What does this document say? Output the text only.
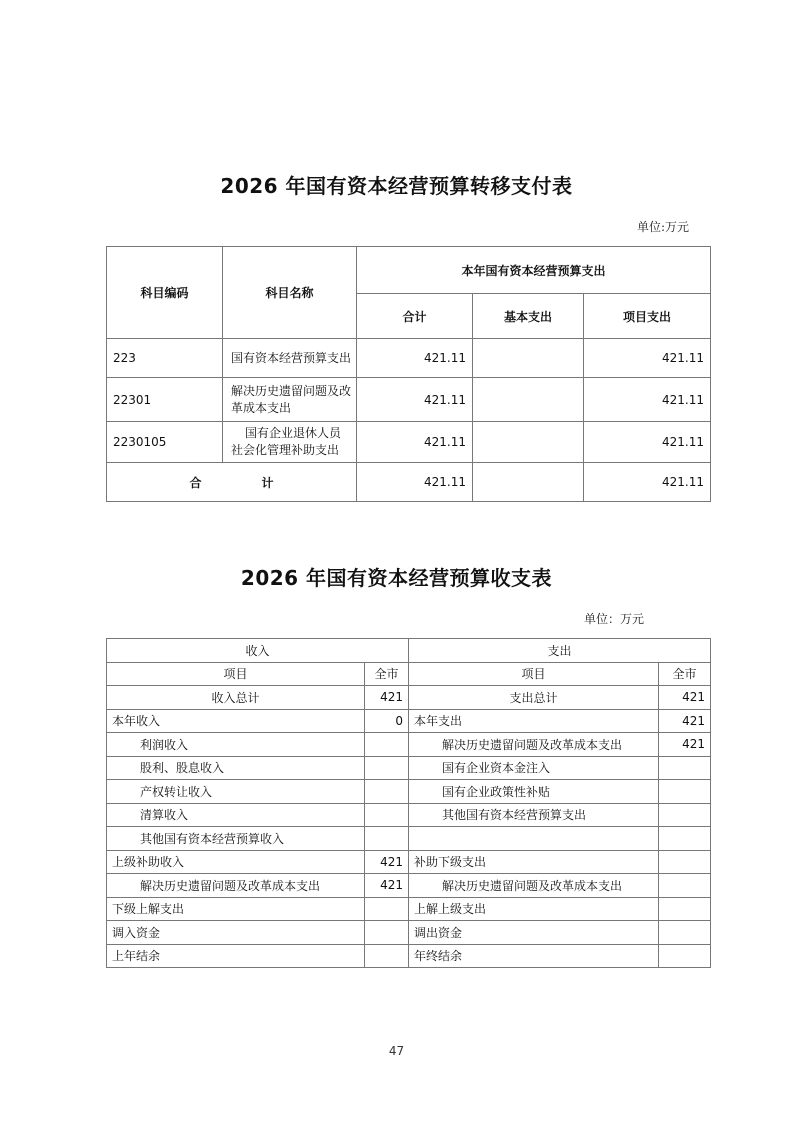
2026 年国有资本经营预算转移支付表
单位:万元
科目编码	科目名称	本年国有资本经营预算支出		
		合计	基本支出	项目支出
223	国有资本经营预算支出	421.11		421.11
22301	解决历史遗留问题及改革成本支出	421.11		421.11
2230105	国有企业退休人员社会化管理补助支出	421.11		421.11
合 计		421.11		421.11
2026 年国有资本经营预算收支表
单位：万元
收入		支出	
项目	全市	项目	全市
收入总计	421	支出总计	421
本年收入	0	本年支出	421
利润收入		解决历史遗留问题及改革成本支出	421
股利、股息收入		国有企业资本金注入	
产权转让收入		国有企业政策性补贴	
清算收入		其他国有资本经营预算支出	
其他国有资本经营预算收入			
上级补助收入	421	补助下级支出	
解决历史遗留问题及改革成本支出	421	解决历史遗留问题及改革成本支出	
下级上解支出		上解上级支出	
调入资金		调出资金	
上年结余		年终结余	
47
